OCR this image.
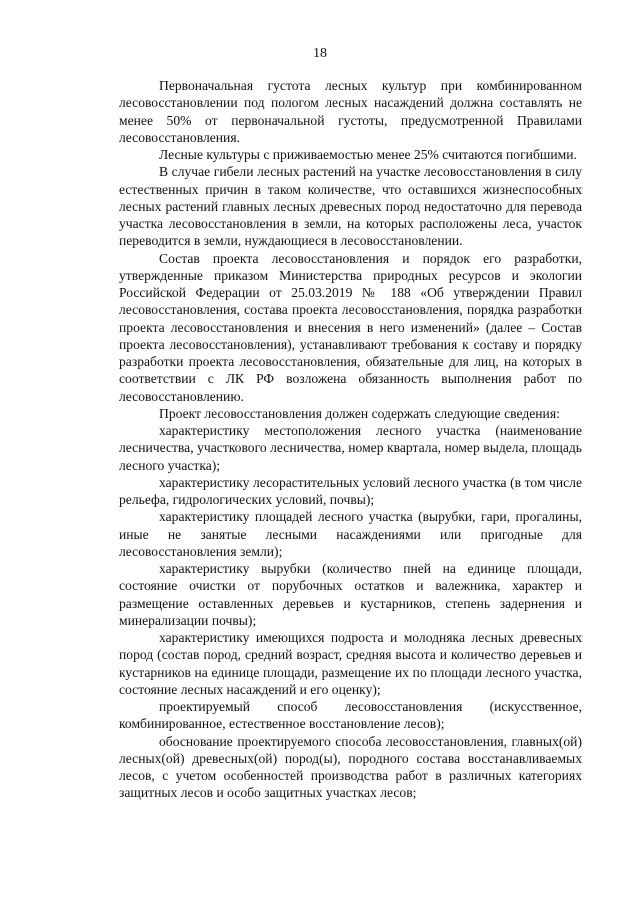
18

Первоначальная густота лесных культур при комбинированном лесовосстановлении под пологом лесных насаждений должна составлять не менее 50% от первоначальной густоты, предусмотренной Правилами лесовосстановления.

Лесные культуры с приживаемостью менее 25% считаются погибшими.

В случае гибели лесных растений на участке лесовосстановления в силу естественных причин в таком количестве, что оставшихся жизнеспособных лесных растений главных лесных древесных пород недостаточно для перевода участка лесовосстановления в земли, на которых расположены леса, участок переводится в земли, нуждающиеся в лесовосстановлении.

Состав проекта лесовосстановления и порядок его разработки, утвержденные приказом Министерства природных ресурсов и экологии Российской Федерации от 25.03.2019 № 188 «Об утверждении Правил лесовосстановления, состава проекта лесовосстановления, порядка разработки проекта лесовосстановления и внесения в него изменений» (далее – Состав проекта лесовосстановления), устанавливают требования к составу и порядку разработки проекта лесовосстановления, обязательные для лиц, на которых в соответствии с ЛК РФ возложена обязанность выполнения работ по лесовосстановлению.

Проект лесовосстановления должен содержать следующие сведения:

характеристику местоположения лесного участка (наименование лесничества, участкового лесничества, номер квартала, номер выдела, площадь лесного участка);

характеристику лесорастительных условий лесного участка (в том числе рельефа, гидрологических условий, почвы);

характеристику площадей лесного участка (вырубки, гари, прогалины, иные не занятые лесными насаждениями или пригодные для лесовосстановления земли);

характеристику вырубки (количество пней на единице площади, состояние очистки от порубочных остатков и валежника, характер и размещение оставленных деревьев и кустарников, степень задернения и минерализации почвы);

характеристику имеющихся подроста и молодняка лесных древесных пород (состав пород, средний возраст, средняя высота и количество деревьев и кустарников на единице площади, размещение их по площади лесного участка, состояние лесных насаждений и его оценку);

проектируемый способ лесовосстановления (искусственное, комбинированное, естественное восстановление лесов);

обоснование проектируемого способа лесовосстановления, главных(ой) лесных(ой) древесных(ой) пород(ы), породного состава восстанавливаемых лесов, с учетом особенностей производства работ в различных категориях защитных лесов и особо защитных участках лесов;
